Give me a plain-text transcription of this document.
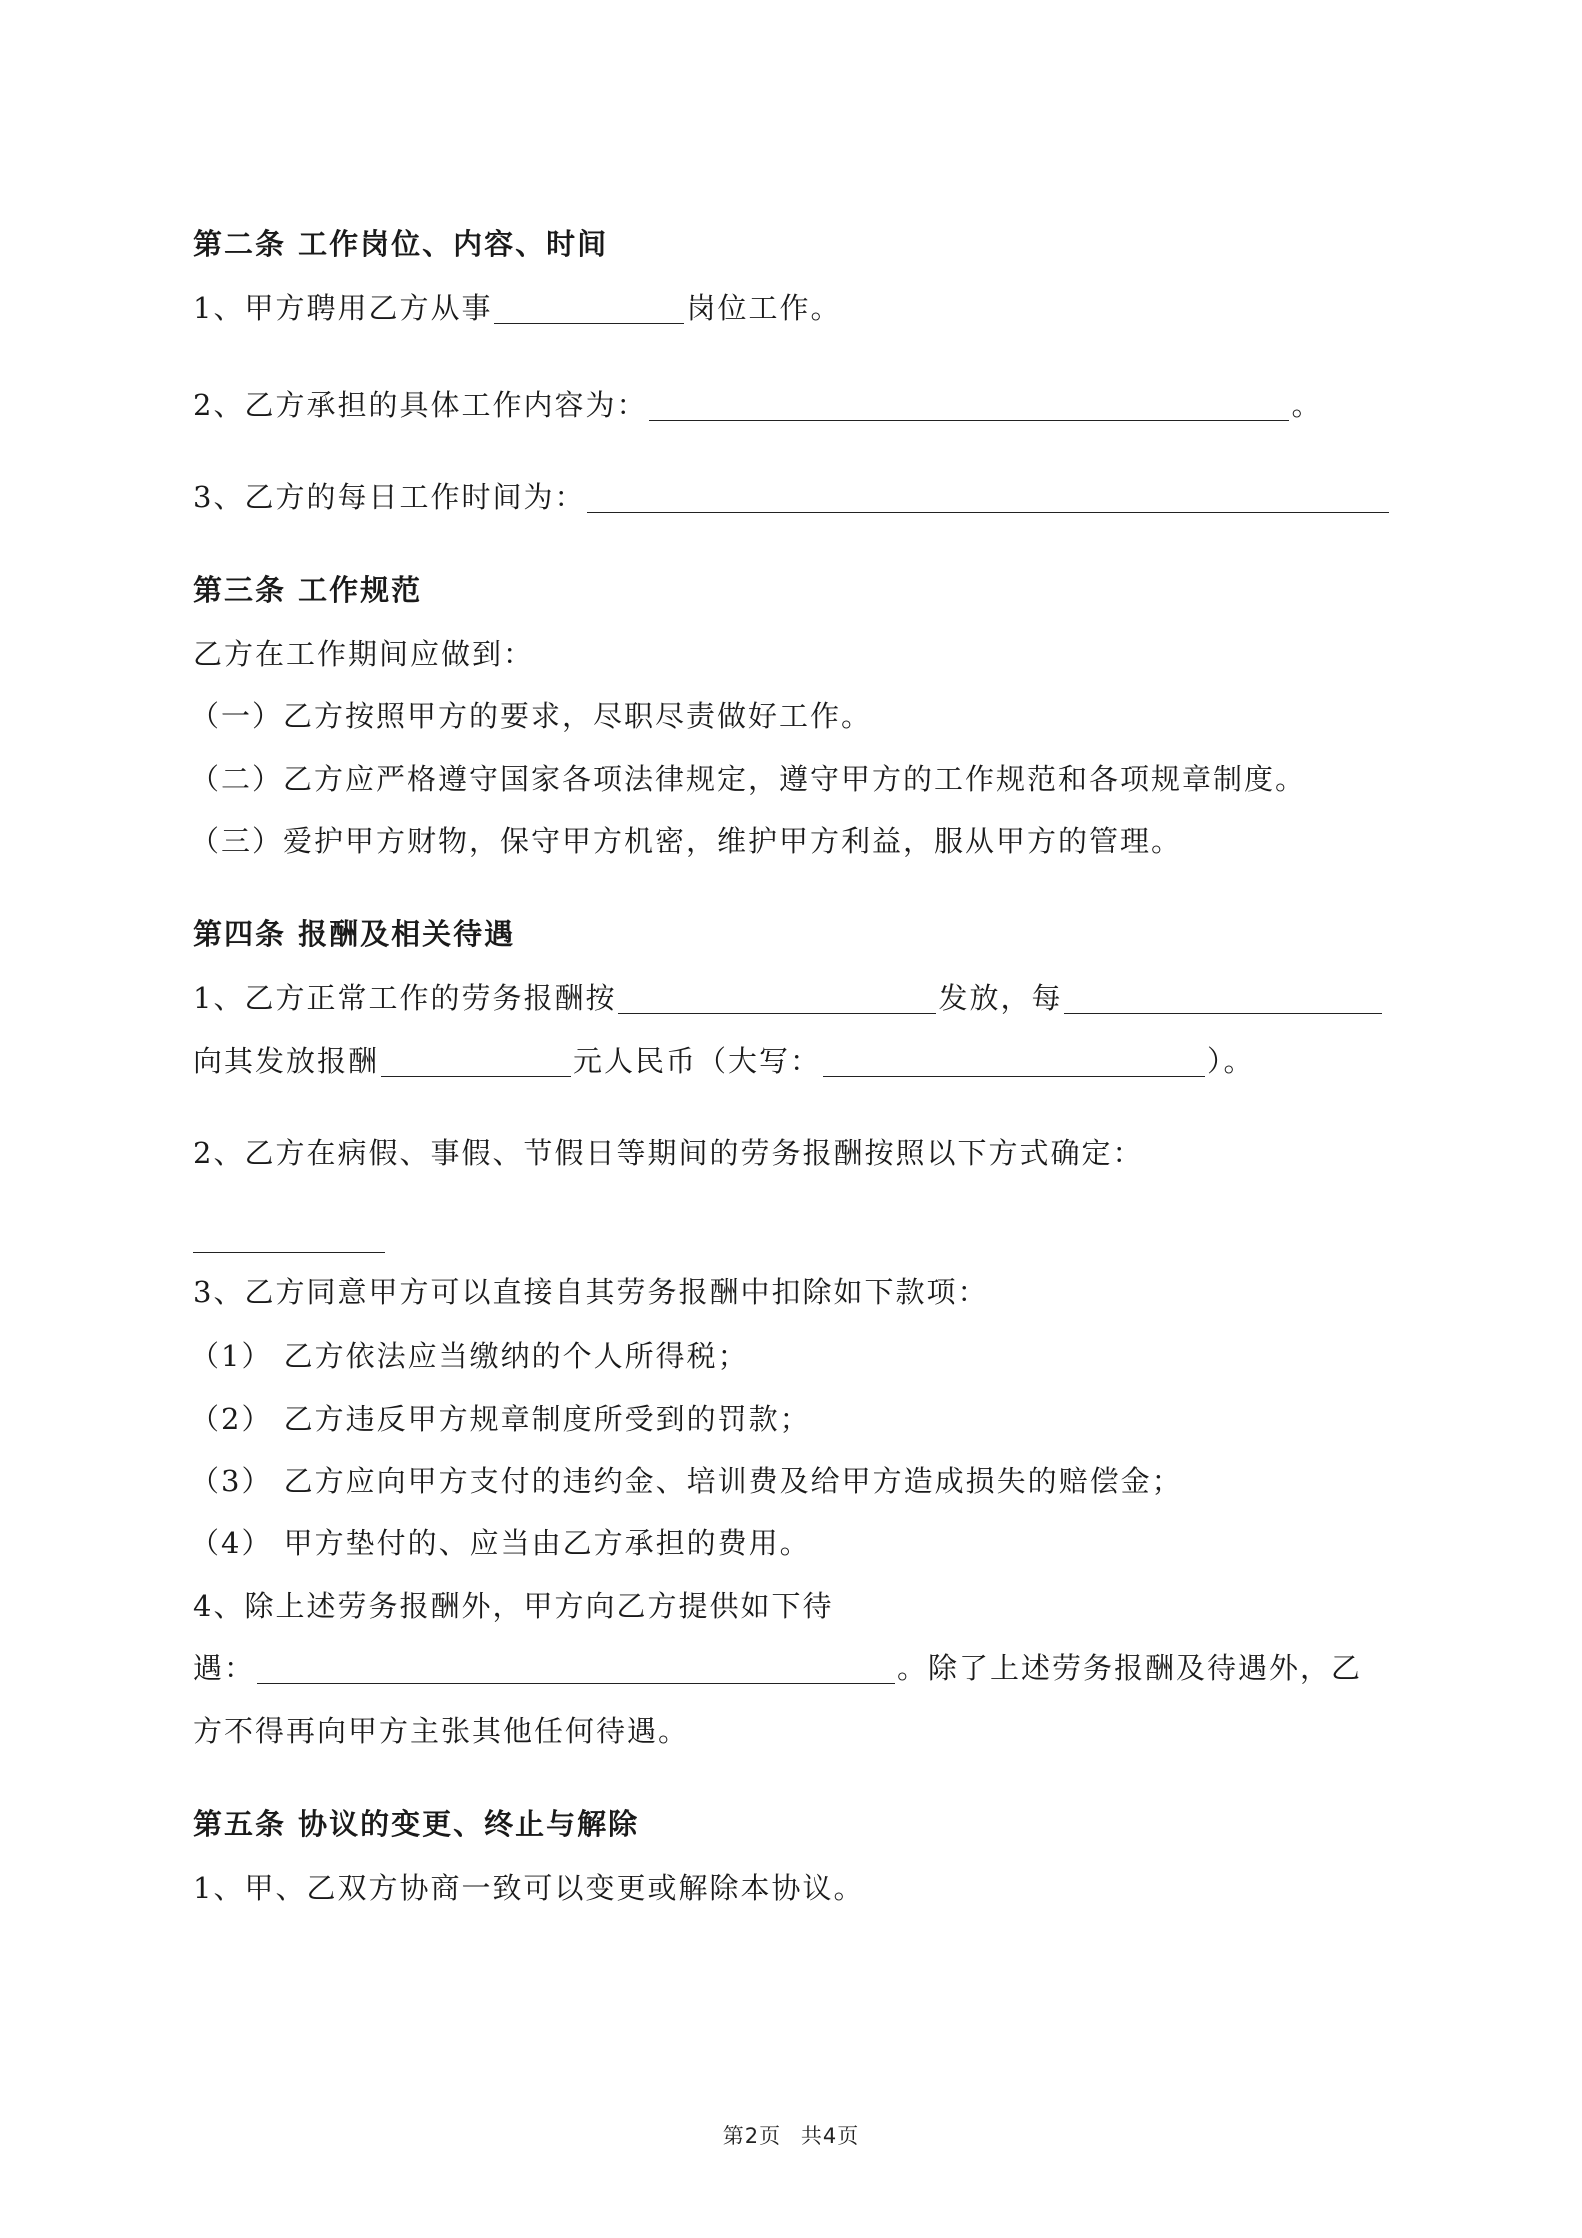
第二条 工作岗位、内容、时间
1、甲方聘用乙方从事	岗位工作。
2、乙方承担的具体工作内容为：	。
3、乙方的每日工作时间为：
第三条 工作规范
乙方在工作期间应做到：
（一）乙方按照甲方的要求，尽职尽责做好工作。
（二）乙方应严格遵守国家各项法律规定，遵守甲方的工作规范和各项规章制度。
（三）爱护甲方财物，保守甲方机密，维护甲方利益，服从甲方的管理。
第四条 报酬及相关待遇
1、乙方正常工作的劳务报酬按	发放，每
向其发放报酬	元人民币（大写：	）。
2、乙方在病假、事假、节假日等期间的劳务报酬按照以下方式确定：
3、乙方同意甲方可以直接自其劳务报酬中扣除如下款项：
（1） 乙方依法应当缴纳的个人所得税；
（2） 乙方违反甲方规章制度所受到的罚款；
（3） 乙方应向甲方支付的违约金、培训费及给甲方造成损失的赔偿金；
（4） 甲方垫付的、应当由乙方承担的费用。
4、除上述劳务报酬外，甲方向乙方提供如下待
遇：	。除了上述劳务报酬及待遇外，乙
方不得再向甲方主张其他任何待遇。
第五条 协议的变更、终止与解除
1、甲、乙双方协商一致可以变更或解除本协议。
第2页 共4页
